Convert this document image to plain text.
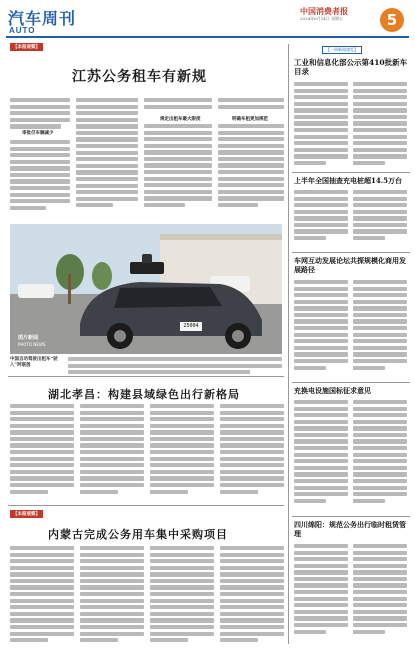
汽车周刊
AUTO
中国消费者报
2024年6月14日 星期五	5
【本报观察】
江苏公务租车有新规
审批仅车辆减少
规定出租车最大限度	明确车租更加规范
25004
图片新闻
PHOTO NEWS
中国自动驾驶出租车“驶入”阿联酋
湖北孝昌：构建县域绿色出行新格局
【本报观察】
内蒙古完成公务用车集中采购项目
【一周新闻速览】
工业和信息化部公示第410批新车目录
上半年全国抽查充电桩超14.5万台
车网互动发展论坛共探规模化商用发展路径
充换电设施国标征求意见
四川绵阳：规范公务出行临时租赁管理
